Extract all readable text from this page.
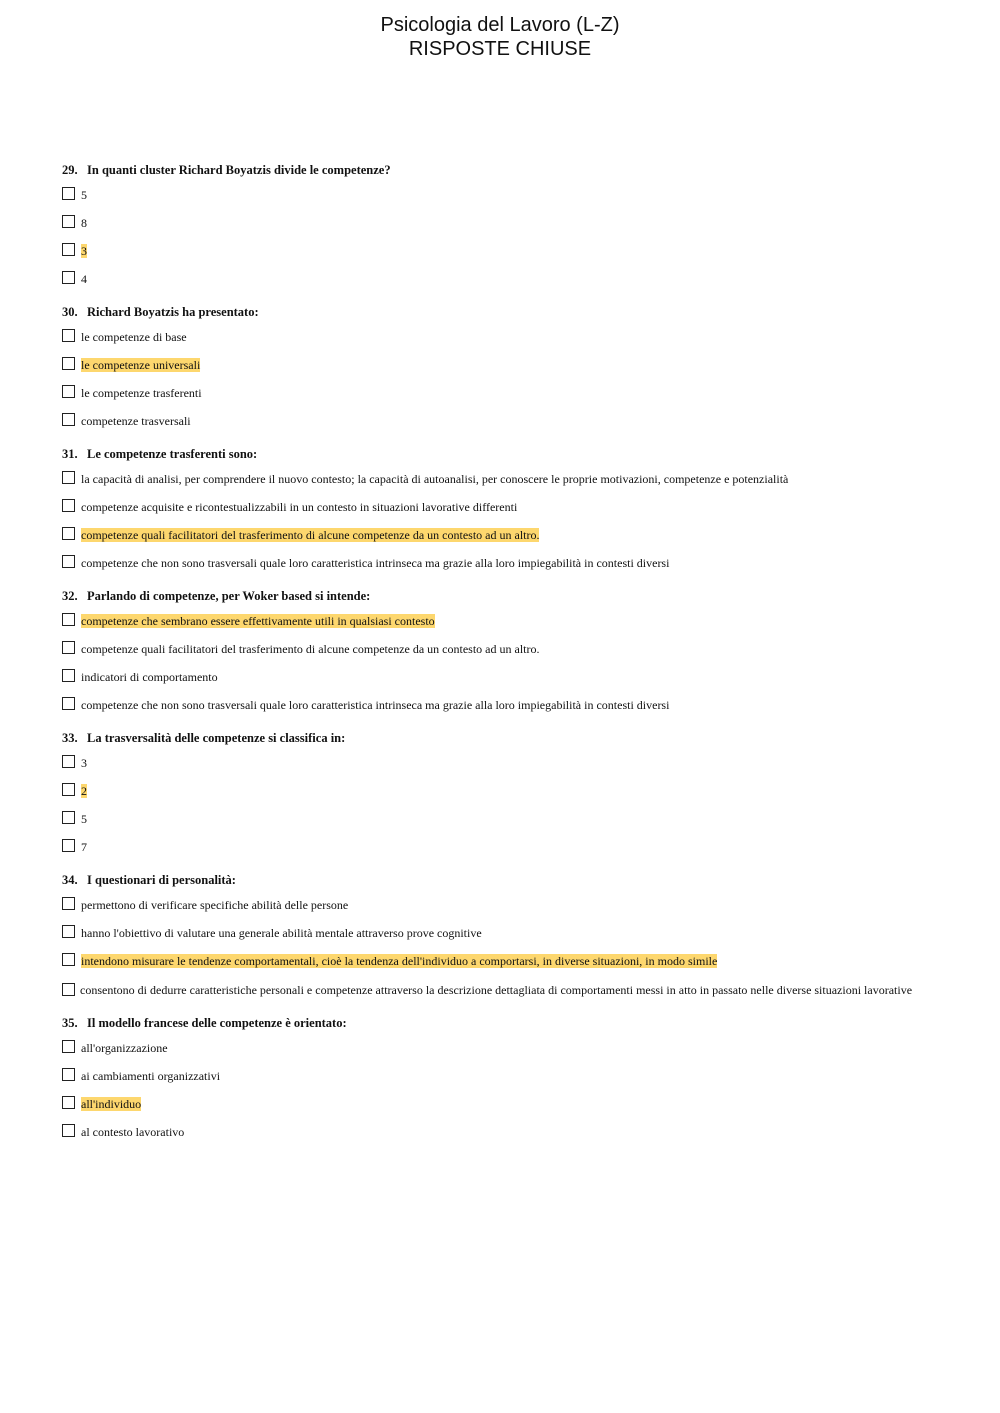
Psicologia del Lavoro (L-Z)
RISPOSTE CHIUSE
29. In quanti cluster Richard Boyatzis divide le competenze?
5
8
3
4
30. Richard Boyatzis ha presentato:
le competenze di base
le competenze universali
le competenze trasferenti
competenze trasversali
31. Le competenze trasferenti sono:
la capacità di analisi, per comprendere il nuovo contesto; la capacità di autoanalisi, per conoscere le proprie motivazioni, competenze e potenzialità
competenze acquisite e ricontestualizzabili in un contesto in situazioni lavorative differenti
competenze quali facilitatori del trasferimento di alcune competenze da un contesto ad un altro.
competenze che non sono trasversali quale loro caratteristica intrinseca ma grazie alla loro impiegabilità in contesti diversi
32. Parlando di competenze, per Woker based si intende:
competenze che sembrano essere effettivamente utili in qualsiasi contesto
competenze quali facilitatori del trasferimento di alcune competenze da un contesto ad un altro.
indicatori di comportamento
competenze che non sono trasversali quale loro caratteristica intrinseca ma grazie alla loro impiegabilità in contesti diversi
33. La trasversalità delle competenze si classifica in:
3
2
5
7
34. I questionari di personalità:
permettono di verificare specifiche abilità delle persone
hanno l'obiettivo di valutare una generale abilità mentale attraverso prove cognitive
intendono misurare le tendenze comportamentali, cioè la tendenza dell'individuo a comportarsi, in diverse situazioni, in modo simile
consentono di dedurre caratteristiche personali e competenze attraverso la descrizione dettagliata di comportamenti messi in atto in passato nelle diverse situazioni lavorative
35. Il modello francese delle competenze è orientato:
all'organizzazione
ai cambiamenti organizzativi
all'individuo
al contesto lavorativo
